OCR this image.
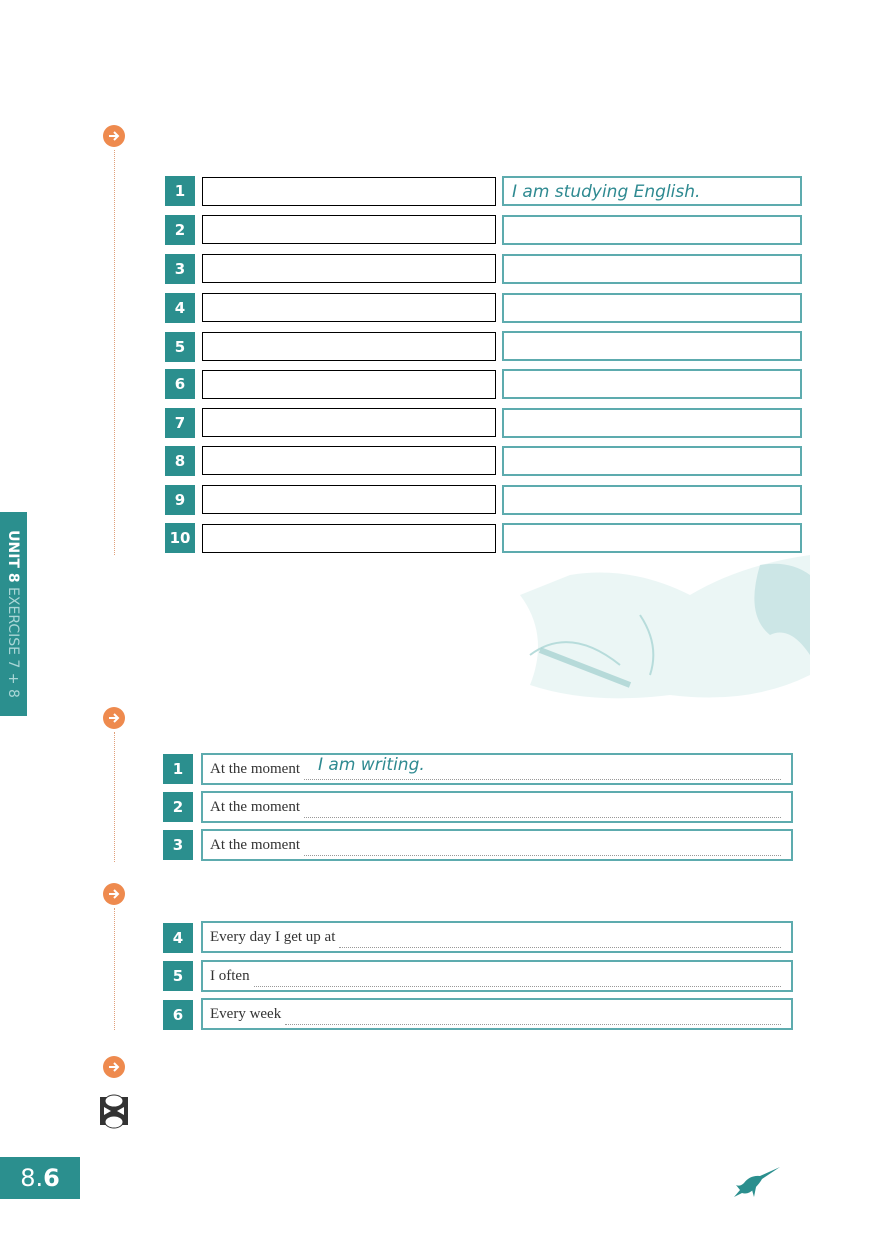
UNIT 8 EXERCISE 7 + 8
1	I am studying English.
2
3
4
5
6
7
8
9
10
1	At the moment I am writing.
2	At the moment
3	At the moment
4	Every day I get up at
5	I often
6	Every week
8. 6
